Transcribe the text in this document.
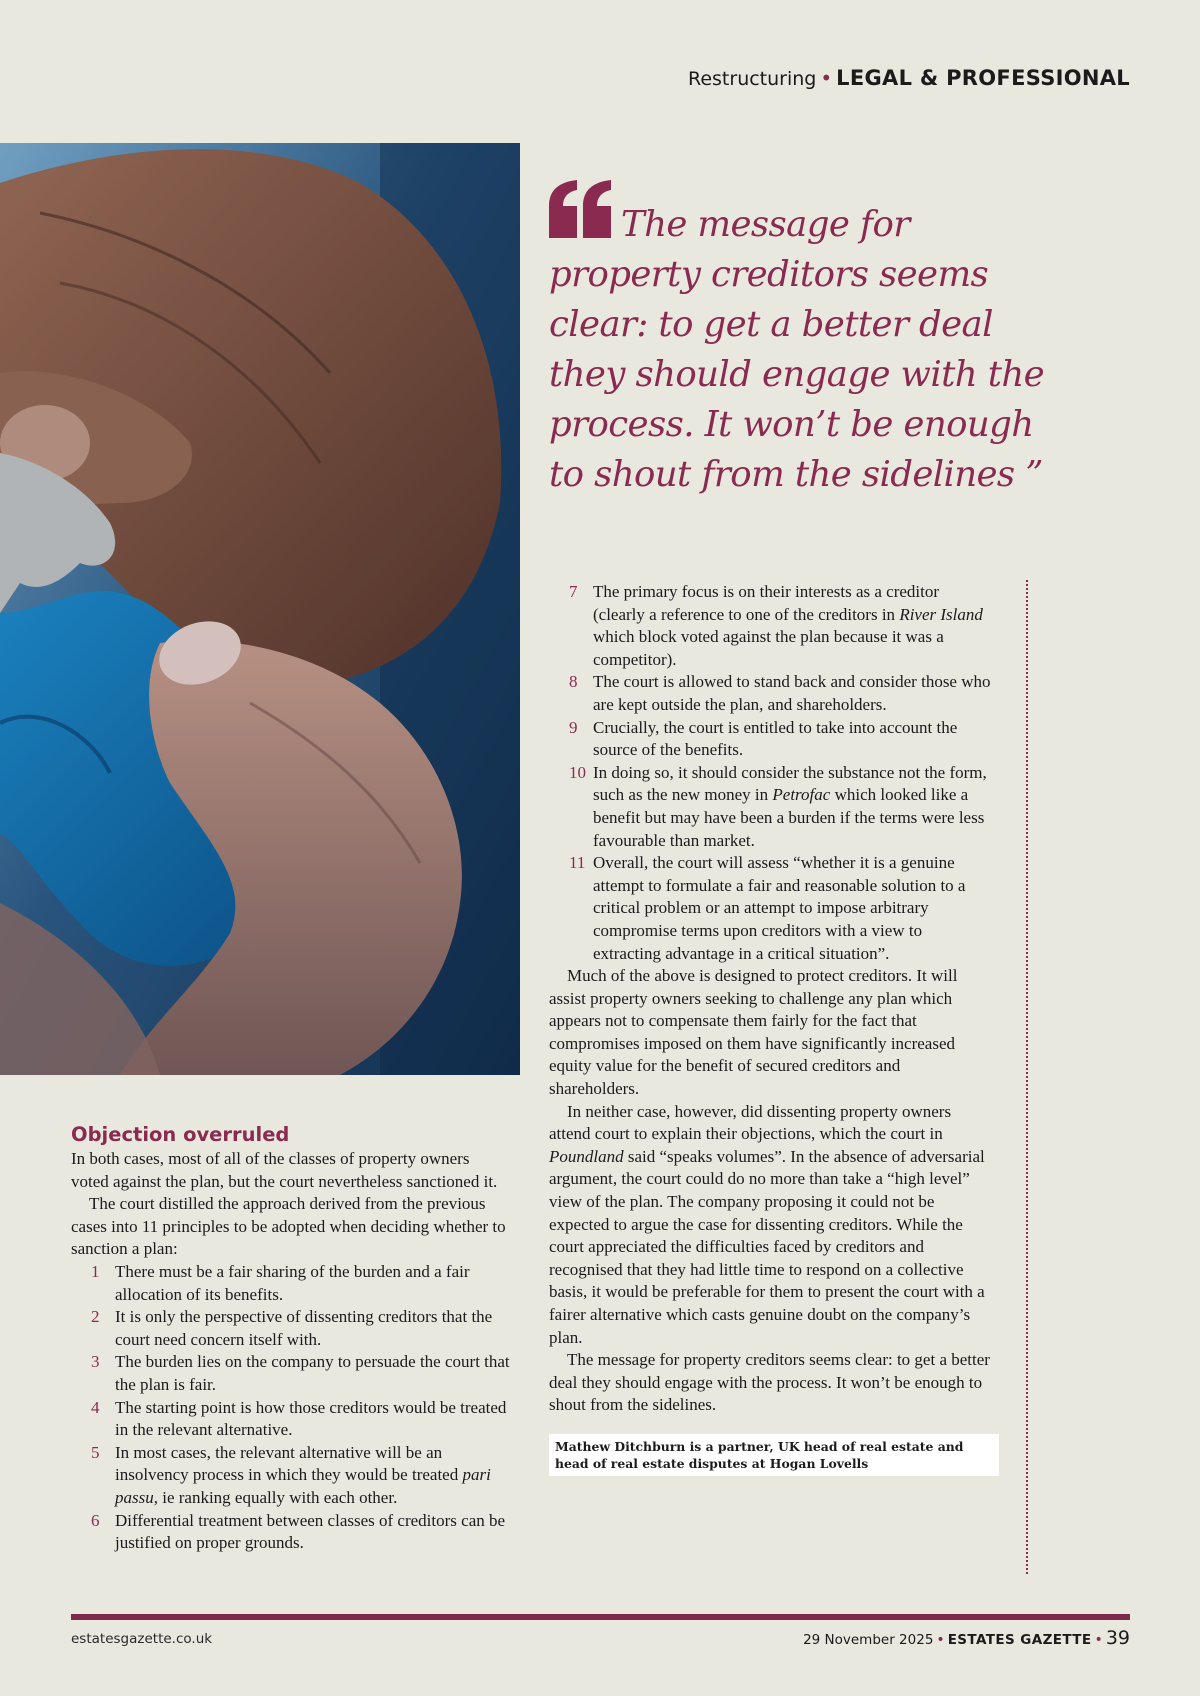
Restructuring • LEGAL & PROFESSIONAL
The message for property creditors seems clear: to get a better deal they should engage with the process. It won’t be enough to shout from the sidelines ”
Objection overruled

In both cases, most of all of the classes of property owners voted against the plan, but the court nevertheless sanctioned it.

The court distilled the approach derived from the previous cases into 11 principles to be adopted when deciding whether to sanction a plan:

1 There must be a fair sharing of the burden and a fair allocation of its benefits.
2 It is only the perspective of dissenting creditors that the court need concern itself with.
3 The burden lies on the company to persuade the court that the plan is fair.
4 The starting point is how those creditors would be treated in the relevant alternative.
5 In most cases, the relevant alternative will be an insolvency process in which they would be treated pari passu, ie ranking equally with each other.
6 Differential treatment between classes of creditors can be justified on proper grounds.
7 The primary focus is on their interests as a creditor (clearly a reference to one of the creditors in River Island which block voted against the plan because it was a competitor).
8 The court is allowed to stand back and consider those who are kept outside the plan, and shareholders.
9 Crucially, the court is entitled to take into account the source of the benefits.
10 In doing so, it should consider the substance not the form, such as the new money in Petrofac which looked like a benefit but may have been a burden if the terms were less favourable than market.
11 Overall, the court will assess “whether it is a genuine attempt to formulate a fair and reasonable solution to a critical problem or an attempt to impose arbitrary compromise terms upon creditors with a view to extracting advantage in a critical situation”.

Much of the above is designed to protect creditors. It will assist property owners seeking to challenge any plan which appears not to compensate them fairly for the fact that compromises imposed on them have significantly increased equity value for the benefit of secured creditors and shareholders.

In neither case, however, did dissenting property owners attend court to explain their objections, which the court in Poundland said “speaks volumes”. In the absence of adversarial argument, the court could do no more than take a “high level” view of the plan. The company proposing it could not be expected to argue the case for dissenting creditors. While the court appreciated the difficulties faced by creditors and recognised that they had little time to respond on a collective basis, it would be preferable for them to present the court with a fairer alternative which casts genuine doubt on the company’s plan.

The message for property creditors seems clear: to get a better deal they should engage with the process. It won’t be enough to shout from the sidelines.

Mathew Ditchburn is a partner, UK head of real estate and head of real estate disputes at Hogan Lovells
estatesgazette.co.uk	29 November 2025 • ESTATES GAZETTE • 39
